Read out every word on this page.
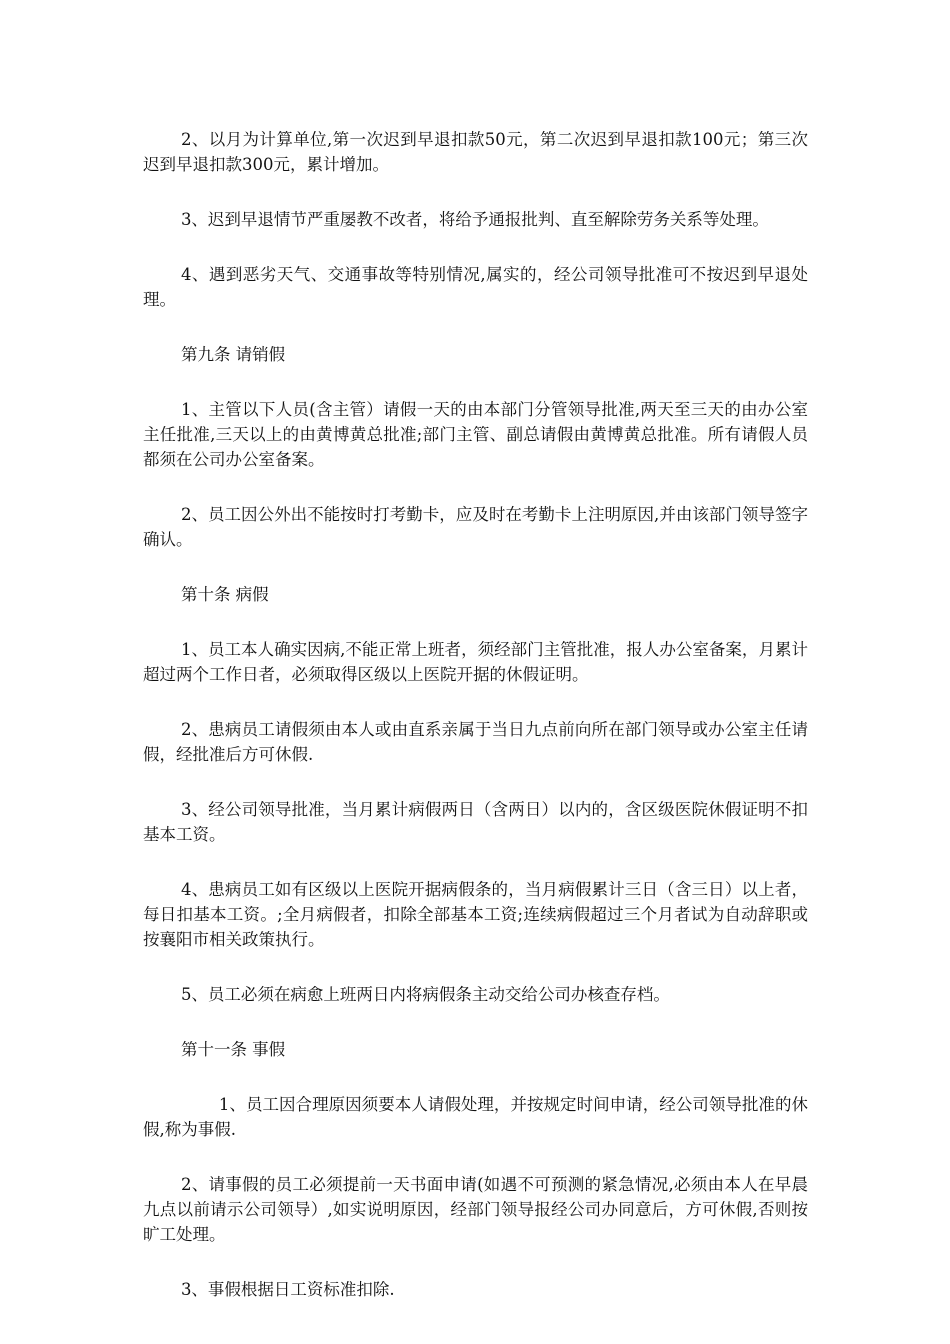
2、以月为计算单位,第一次迟到早退扣款50元，第二次迟到早退扣款100元；第三次迟到早退扣款300元，累计增加。

3、迟到早退情节严重屡教不改者，将给予通报批判、直至解除劳务关系等处理。

4、遇到恶劣天气、交通事故等特别情况,属实的，经公司领导批准可不按迟到早退处理。

第九条 请销假

1、主管以下人员(含主管）请假一天的由本部门分管领导批准,两天至三天的由办公室主任批准,三天以上的由黄博黄总批准;部门主管、副总请假由黄博黄总批准。所有请假人员都须在公司办公室备案。

2、员工因公外出不能按时打考勤卡，应及时在考勤卡上注明原因,并由该部门领导签字确认。

第十条 病假

1、员工本人确实因病,不能正常上班者，须经部门主管批准，报人办公室备案，月累计超过两个工作日者，必须取得区级以上医院开据的休假证明。

2、患病员工请假须由本人或由直系亲属于当日九点前向所在部门领导或办公室主任请假，经批准后方可休假.

3、经公司领导批准，当月累计病假两日（含两日）以内的，含区级医院休假证明不扣基本工资。

4、患病员工如有区级以上医院开据病假条的，当月病假累计三日（含三日）以上者，每日扣基本工资。;全月病假者，扣除全部基本工资;连续病假超过三个月者试为自动辞职或按襄阳市相关政策执行。

5、员工必须在病愈上班两日内将病假条主动交给公司办核查存档。

第十一条 事假

1、员工因合理原因须要本人请假处理，并按规定时间申请，经公司领导批准的休假,称为事假.

2、请事假的员工必须提前一天书面申请(如遇不可预测的紧急情况,必须由本人在早晨九点以前请示公司领导）,如实说明原因，经部门领导报经公司办同意后，方可休假,否则按旷工处理。

3、事假根据日工资标准扣除.
